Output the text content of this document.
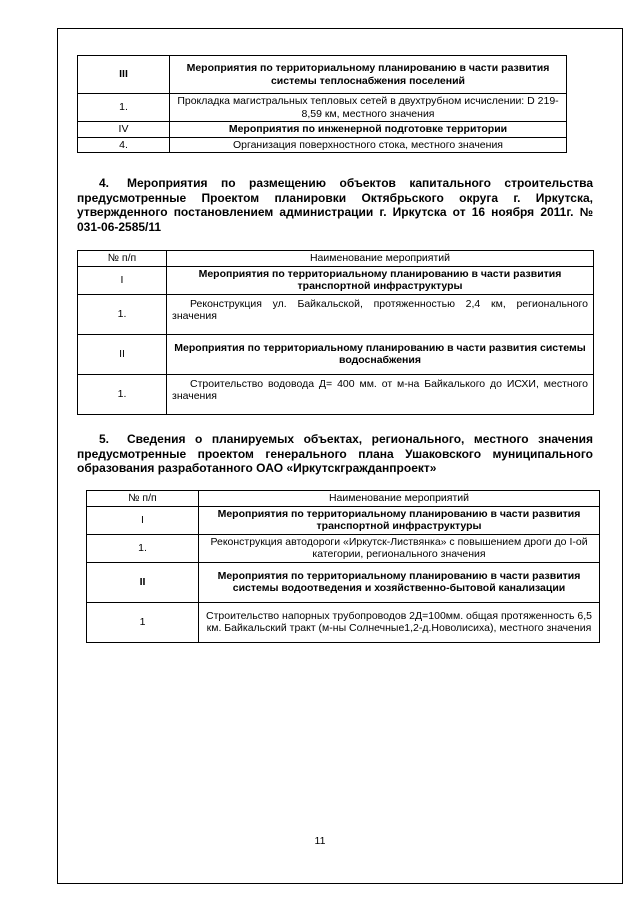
III	Мероприятия по территориальному планированию в части развития системы теплоснабжения поселений
1.	Прокладка магистральных тепловых сетей в двухтрубном исчислении: D 219- 8,59 км, местного значения
IV	Мероприятия по инженерной подготовке территории
4.	Организация поверхностного стока, местного значения
4. Мероприятия по размещению объектов капитального строительства предусмотренные Проектом планировки Октябрьского округа г. Иркутска, утвержденного постановлением администрации г. Иркутска от 16 ноября 2011г. № 031-06-2585/11
№ п/п	Наименование мероприятий
I	Мероприятия по территориальному планированию в части развития транспортной инфраструктуры
1.	Реконструкция ул. Байкальской, протяженностью 2,4 км, регионального значения
II	Мероприятия по территориальному планированию в части развития системы водоснабжения
1.	Строительство водовода Д= 400 мм. от м-на Байкалького до ИСХИ, местного значения
5. Сведения о планируемых объектах, регионального, местного значения предусмотренные проектом генерального плана Ушаковского муниципального образования разработанного ОАО «Иркутскгражданпроект»
№ п/п	Наименование мероприятий
I	Мероприятия по территориальному планированию в части развития транспортной инфраструктуры
1.	Реконструкция автодороги «Иркутск-Листвянка» с повышением дроги до I-ой категории, регионального значения
II	Мероприятия по территориальному планированию в части развития системы водоотведения и хозяйственно-бытовой канализации
1	Строительство напорных трубопроводов 2Д=100мм. общая протяженность 6,5 км. Байкальский тракт (м-ны Солнечные1,2-д.Новолисиха), местного значения
11
